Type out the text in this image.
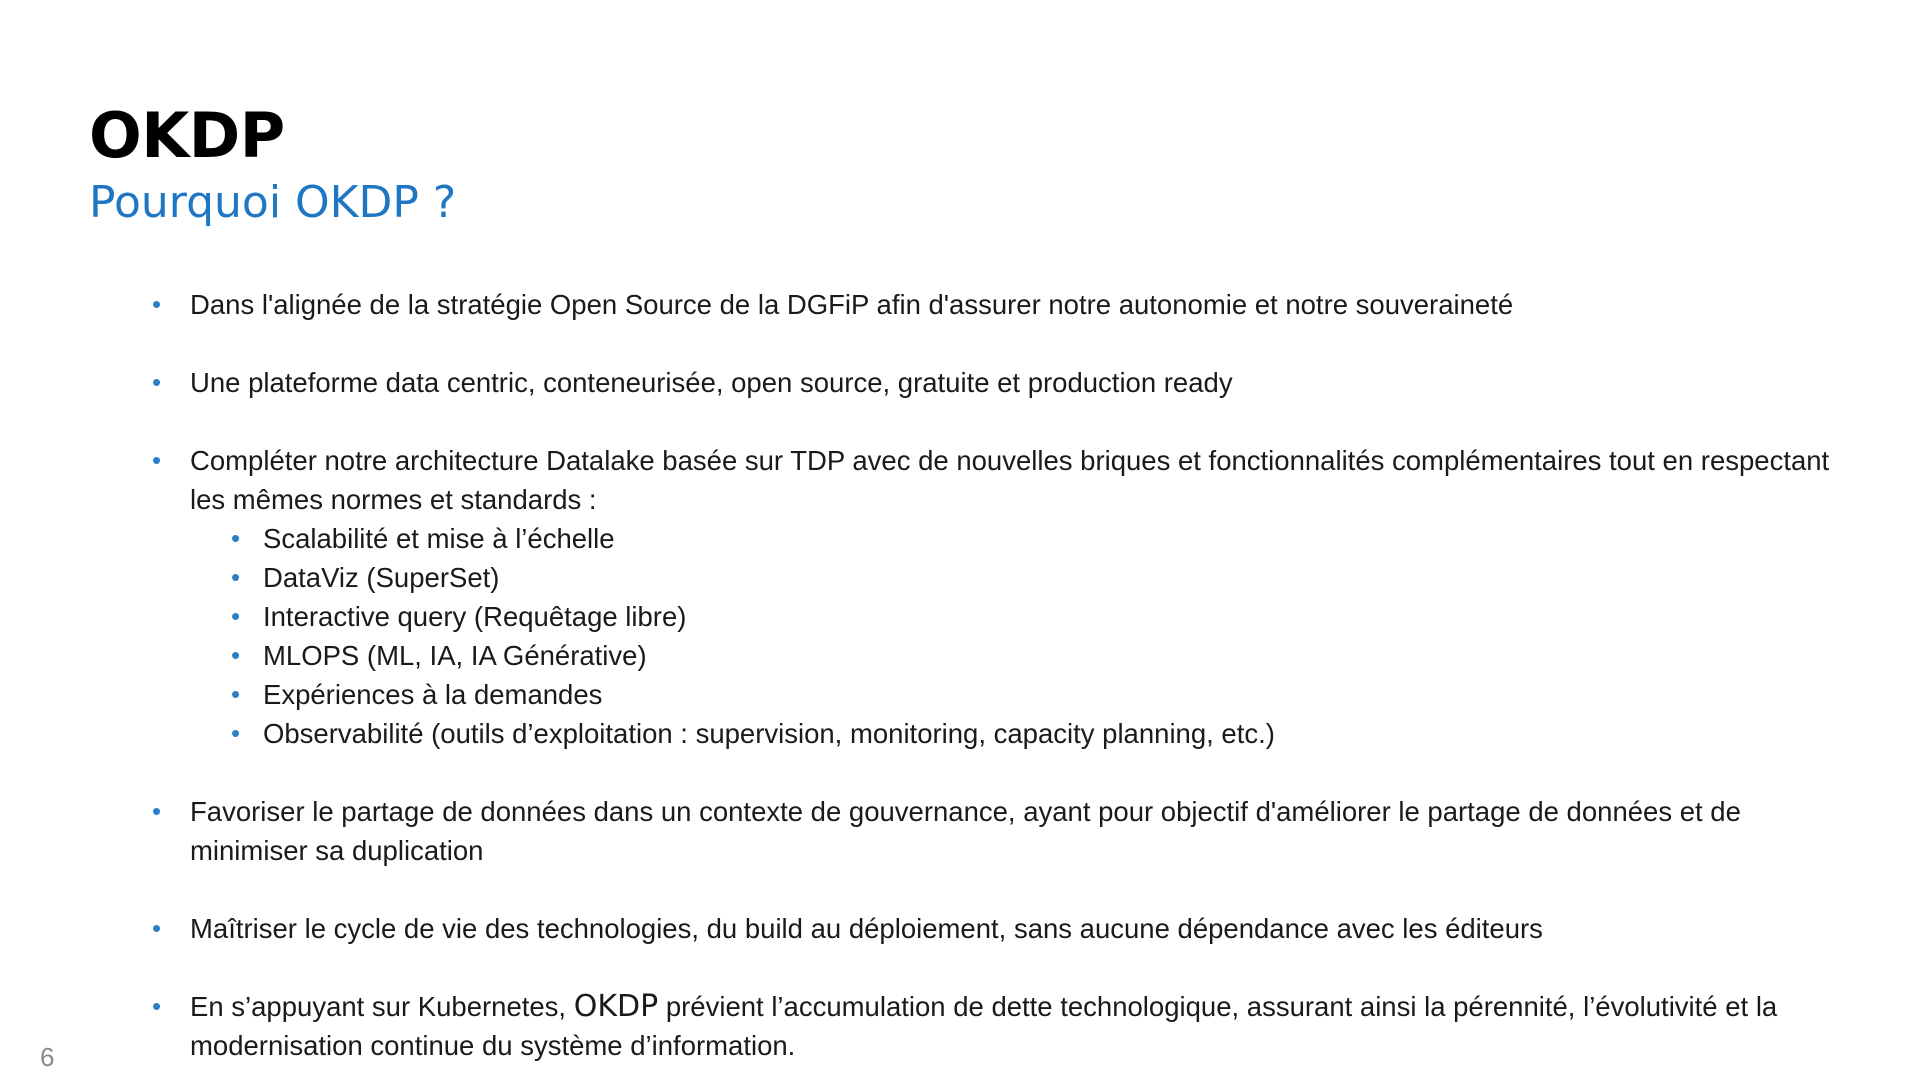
OKDP
Pourquoi OKDP ?
• Dans l'alignée de la stratégie Open Source de la DGFiP afin d'assurer notre autonomie et notre souveraineté
• Une plateforme data centric, conteneurisée, open source, gratuite et production ready
• Compléter notre architecture Datalake basée sur TDP avec de nouvelles briques et fonctionnalités complémentaires tout en respectant les mêmes normes et standards :
• Scalabilité et mise à l’échelle
• DataViz (SuperSet)
• Interactive query (Requêtage libre)
• MLOPS (ML, IA, IA Générative)
• Expériences à la demandes
• Observabilité (outils d’exploitation : supervision, monitoring, capacity planning, etc.)
• Favoriser le partage de données dans un contexte de gouvernance, ayant pour objectif d'améliorer le partage de données et de minimiser sa duplication
• Maîtriser le cycle de vie des technologies, du build au déploiement, sans aucune dépendance avec les éditeurs
• En s’appuyant sur Kubernetes, OKDP prévient l’accumulation de dette technologique, assurant ainsi la pérennité, l’évolutivité et la modernisation continue du système d’information.
6
